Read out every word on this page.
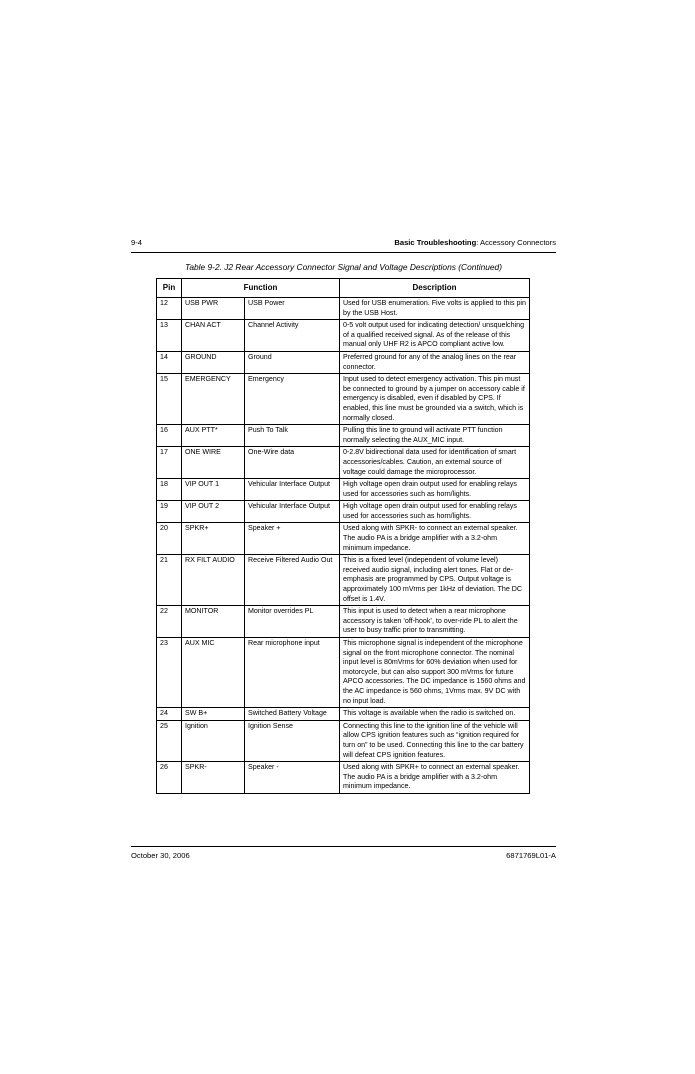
9-4	Basic Troubleshooting: Accessory Connectors
Table 9-2. J2 Rear Accessory Connector Signal and Voltage Descriptions (Continued)
Pin	Function		Description
12	USB PWR	USB Power	Used for USB enumeration. Five volts is applied to this pin by the USB Host.
13	CHAN ACT	Channel Activity	0-5 volt output used for indicating detection/ unsquelching of a qualified received signal. As of the release of this manual only UHF R2 is APCO compliant active low.
14	GROUND	Ground	Preferred ground for any of the analog lines on the rear connector.
15	EMERGENCY	Emergency	Input used to detect emergency activation. This pin must be connected to ground by a jumper on accessory cable if emergency is disabled, even if disabled by CPS. If enabled, this line must be grounded via a switch, which is normally closed.
16	AUX PTT*	Push To Talk	Pulling this line to ground will activate PTT function normally selecting the AUX_MIC input.
17	ONE WIRE	One-Wire data	0-2.8V bidirectional data used for identification of smart accessories/cables. Caution, an external source of voltage could damage the microprocessor.
18	VIP OUT 1	Vehicular Interface Output	High voltage open drain output used for enabling relays used for accessories such as horn/lights.
19	VIP OUT 2	Vehicular Interface Output	High voltage open drain output used for enabling relays used for accessories such as horn/lights.
20	SPKR+	Speaker +	Used along with SPKR- to connect an external speaker. The audio PA is a bridge amplifier with a 3.2-ohm minimum impedance.
21	RX FILT AUDIO	Receive Filtered Audio Out	This is a fixed level (independent of volume level) received audio signal, including alert tones. Flat or de-emphasis are programmed by CPS. Output voltage is approximately 100 mVrms per 1kHz of deviation. The DC offset is 1.4V.
22	MONITOR	Monitor overrides PL	This input is used to detect when a rear microphone accessory is taken ‘off-hook’, to over-ride PL to alert the user to busy traffic prior to transmitting.
23	AUX MIC	Rear microphone input	This microphone signal is independent of the microphone signal on the front microphone connector. The nominal input level is 80mVrms for 60% deviation when used for motorcycle, but can also support 300 mVrms for future APCO accessories. The DC impedance is 1560 ohms and the AC impedance is 560 ohms, 1Vrms max. 9V DC with no input load.
24	SW B+	Switched Battery Voltage	This voltage is available when the radio is switched on.
25	Ignition	Ignition Sense	Connecting this line to the ignition line of the vehicle will allow CPS ignition features such as “ignition required for turn on” to be used. Connecting this line to the car battery will defeat CPS ignition features.
26	SPKR-	Speaker -	Used along with SPKR+ to connect an external speaker. The audio PA is a bridge amplifier with a 3.2-ohm minimum impedance.
October 30, 2006	6871769L01-A
